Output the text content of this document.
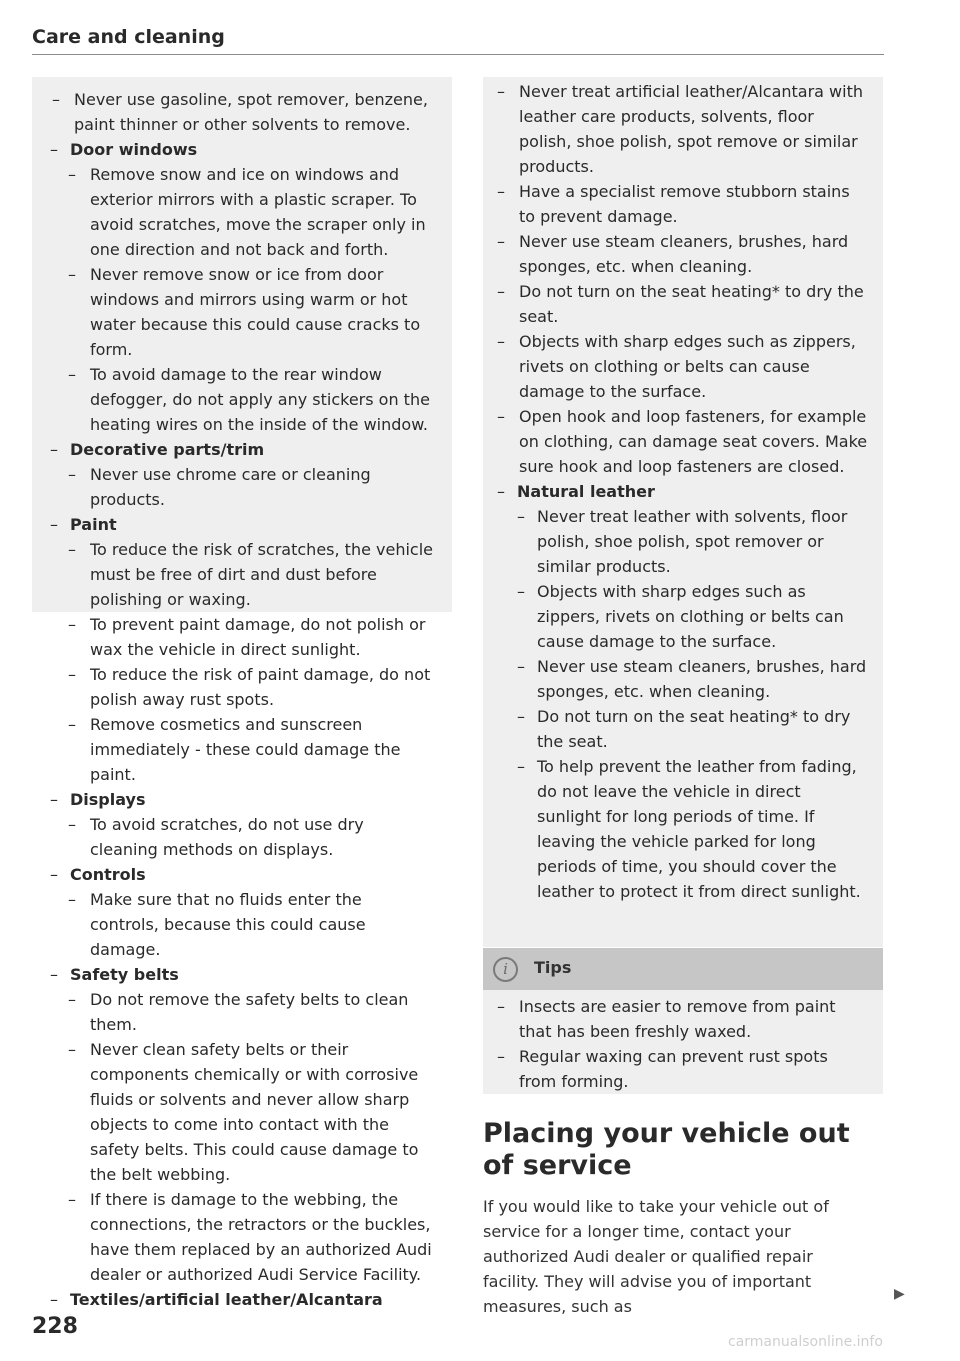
Care and cleaning
– Never use gasoline, spot remover, benzene, paint thinner or other solvents to remove.
– Door windows
– Remove snow and ice on windows and exterior mirrors with a plastic scraper. To avoid scratches, move the scraper only in one direction and not back and forth.
– Never remove snow or ice from door windows and mirrors using warm or hot water because this could cause cracks to form.
– To avoid damage to the rear window defogger, do not apply any stickers on the heating wires on the inside of the window.
– Decorative parts/trim
– Never use chrome care or cleaning products.
– Paint
– To reduce the risk of scratches, the vehicle must be free of dirt and dust before polishing or waxing.
– To prevent paint damage, do not polish or wax the vehicle in direct sunlight.
– To reduce the risk of paint damage, do not polish away rust spots.
– Remove cosmetics and sunscreen immediately - these could damage the paint.
– Displays
– To avoid scratches, do not use dry cleaning methods on displays.
– Controls
– Make sure that no fluids enter the controls, because this could cause damage.
– Safety belts
– Do not remove the safety belts to clean them.
– Never clean safety belts or their components chemically or with corrosive fluids or solvents and never allow sharp objects to come into contact with the safety belts. This could cause damage to the belt webbing.
– If there is damage to the webbing, the connections, the retractors or the buckles, have them replaced by an authorized Audi dealer or authorized Audi Service Facility.
– Textiles/artificial leather/Alcantara
– Never treat artificial leather/Alcantara with leather care products, solvents, floor polish, shoe polish, spot remove or similar products.
– Have a specialist remove stubborn stains to prevent damage.
– Never use steam cleaners, brushes, hard sponges, etc. when cleaning.
– Do not turn on the seat heating* to dry the seat.
– Objects with sharp edges such as zippers, rivets on clothing or belts can cause damage to the surface.
– Open hook and loop fasteners, for example on clothing, can damage seat covers. Make sure hook and loop fasteners are closed.
– Natural leather
– Never treat leather with solvents, floor polish, shoe polish, spot remover or similar products.
– Objects with sharp edges such as zippers, rivets on clothing or belts can cause damage to the surface.
– Never use steam cleaners, brushes, hard sponges, etc. when cleaning.
– Do not turn on the seat heating* to dry the seat.
– To help prevent the leather from fading, do not leave the vehicle in direct sunlight for long periods of time. If leaving the vehicle parked for long periods of time, you should cover the leather to protect it from direct sunlight.
i	Tips
– Insects are easier to remove from paint that has been freshly waxed.
– Regular waxing can prevent rust spots from forming.
Placing your vehicle out of service
If you would like to take your vehicle out of service for a longer time, contact your authorized Audi dealer or qualified repair facility. They will advise you of important measures, such as
▶
228
carmanualsonline.info
